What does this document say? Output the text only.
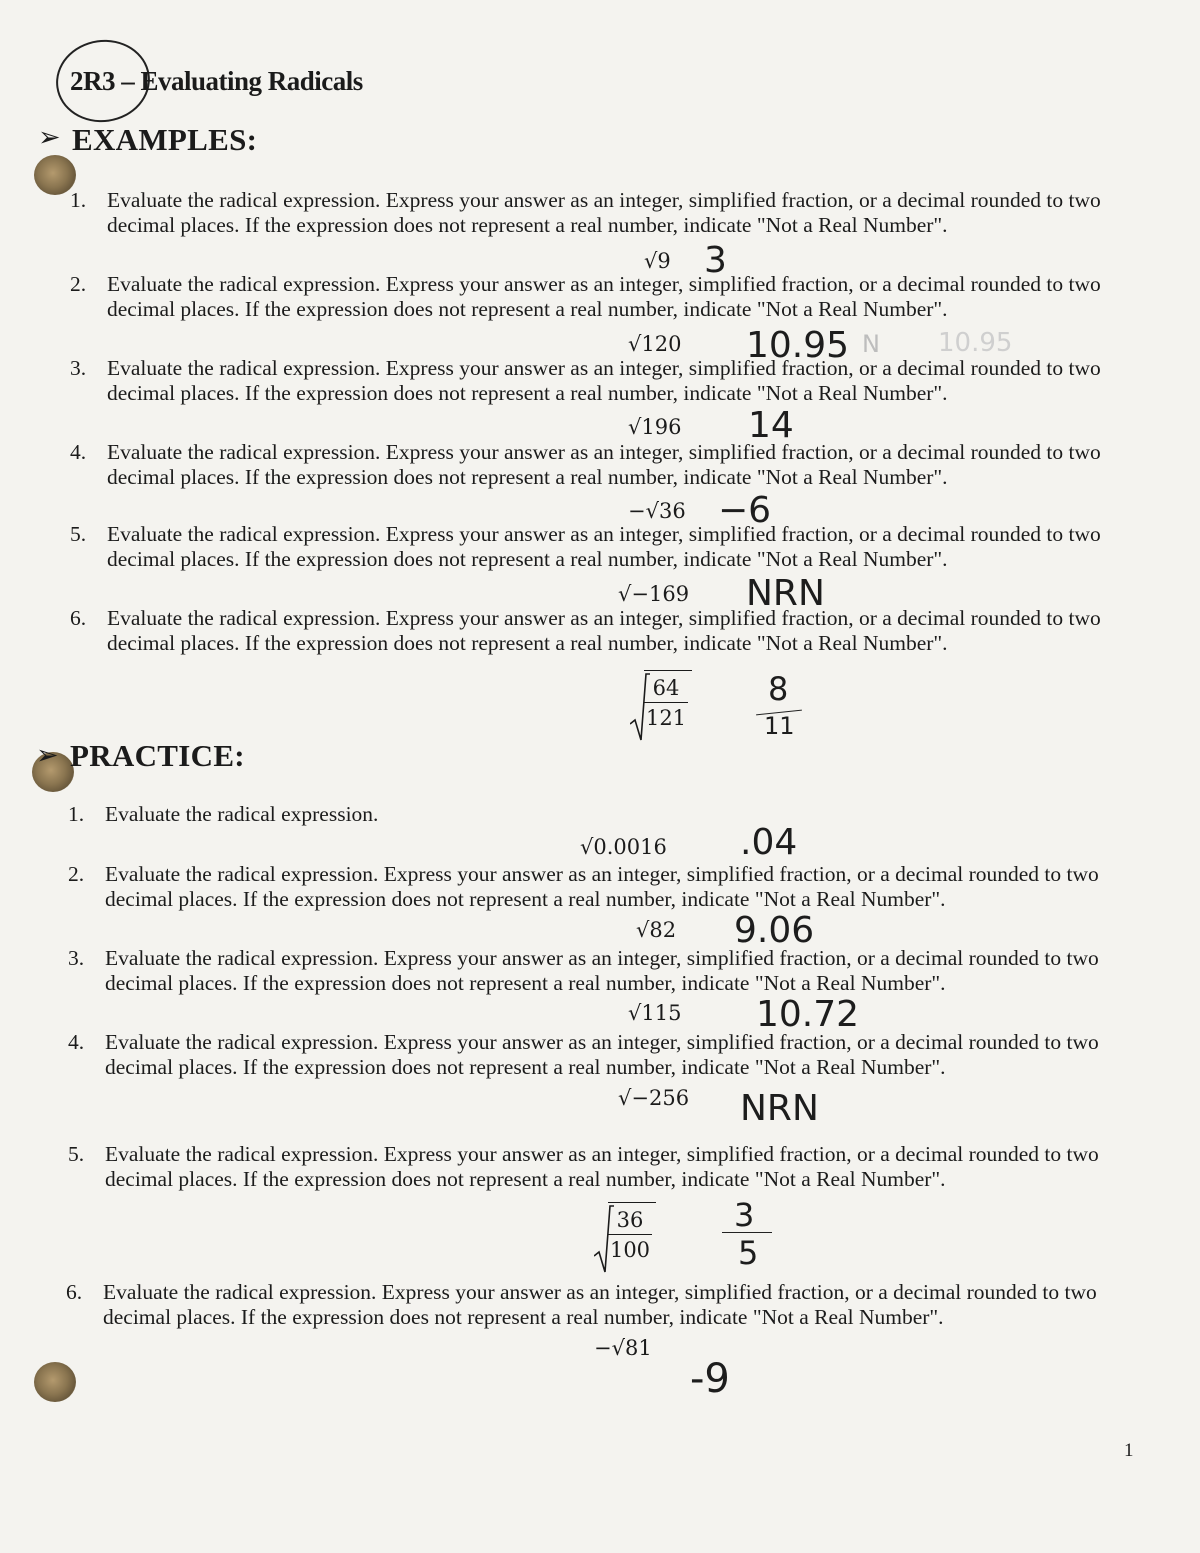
2R3 – Evaluating Radicals
➢ EXAMPLES:
1. Evaluate the radical expression. Express your answer as an integer, simplified fraction, or a decimal rounded to two decimal places. If the expression does not represent a real number, indicate "Not a Real Number".
√9 3
2. Evaluate the radical expression. Express your answer as an integer, simplified fraction, or a decimal rounded to two decimal places. If the expression does not represent a real number, indicate "Not a Real Number".
√120 10.95 N 10.95
3. Evaluate the radical expression. Express your answer as an integer, simplified fraction, or a decimal rounded to two decimal places. If the expression does not represent a real number, indicate "Not a Real Number".
√196 14
4. Evaluate the radical expression. Express your answer as an integer, simplified fraction, or a decimal rounded to two decimal places. If the expression does not represent a real number, indicate "Not a Real Number".
−√36 −6
5. Evaluate the radical expression. Express your answer as an integer, simplified fraction, or a decimal rounded to two decimal places. If the expression does not represent a real number, indicate "Not a Real Number".
√−169 NRN
6. Evaluate the radical expression. Express your answer as an integer, simplified fraction, or a decimal rounded to two decimal places. If the expression does not represent a real number, indicate "Not a Real Number".
64
121
8
11
➢ PRACTICE:
1. Evaluate the radical expression.
√0.0016 .04
2. Evaluate the radical expression. Express your answer as an integer, simplified fraction, or a decimal rounded to two decimal places. If the expression does not represent a real number, indicate "Not a Real Number".
√82 9.06
3. Evaluate the radical expression. Express your answer as an integer, simplified fraction, or a decimal rounded to two decimal places. If the expression does not represent a real number, indicate "Not a Real Number".
√115 10.72
4. Evaluate the radical expression. Express your answer as an integer, simplified fraction, or a decimal rounded to two decimal places. If the expression does not represent a real number, indicate "Not a Real Number".
√−256 NRN
5. Evaluate the radical expression. Express your answer as an integer, simplified fraction, or a decimal rounded to two decimal places. If the expression does not represent a real number, indicate "Not a Real Number".
36
100
3
5
6. Evaluate the radical expression. Express your answer as an integer, simplified fraction, or a decimal rounded to two decimal places. If the expression does not represent a real number, indicate "Not a Real Number".
−√81
-9
1
